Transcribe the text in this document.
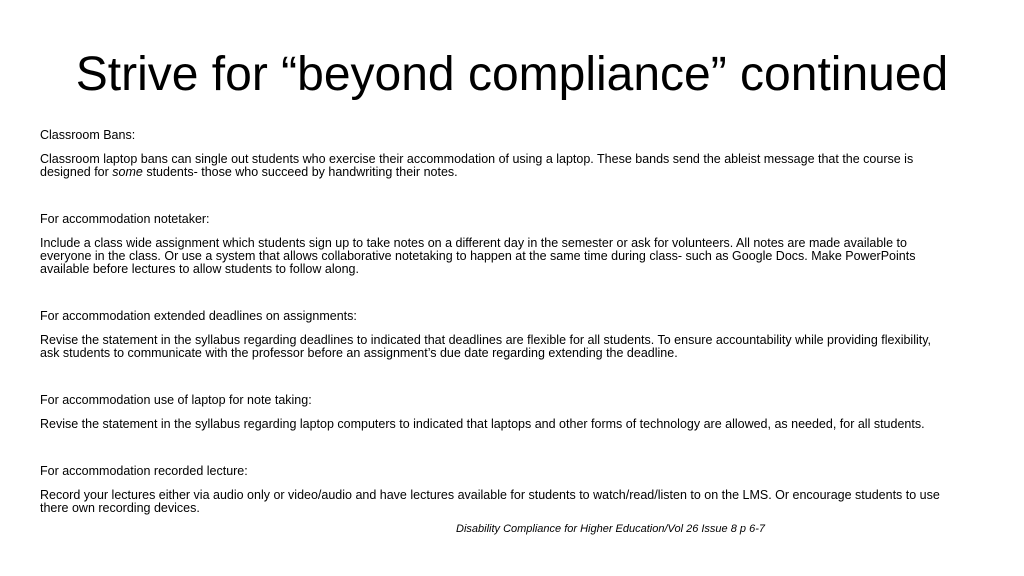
Strive for “beyond compliance” continued

Classroom Bans:

Classroom laptop bans can single out students who exercise their accommodation of using a laptop. These bands send the ableist message that the course is designed for some students- those who succeed by handwriting their notes.

For accommodation notetaker:

Include a class wide assignment which students sign up to take notes on a different day in the semester or ask for volunteers. All notes are made available to everyone in the class. Or use a system that allows collaborative notetaking to happen at the same time during class- such as Google Docs. Make PowerPoints available before lectures to allow students to follow along.

For accommodation extended deadlines on assignments:

Revise the statement in the syllabus regarding deadlines to indicated that deadlines are flexible for all students. To ensure accountability while providing flexibility, ask students to communicate with the professor before an assignment’s due date regarding extending the deadline.

For accommodation use of laptop for note taking:

Revise the statement in the syllabus regarding laptop computers to indicated that laptops and other forms of technology are allowed, as needed, for all students.

For accommodation recorded lecture:

Record your lectures either via audio only or video/audio and have lectures available for students to watch/read/listen to on the LMS. Or encourage students to use there own recording devices.

Disability Compliance for Higher Education/Vol 26 Issue 8 p 6-7
